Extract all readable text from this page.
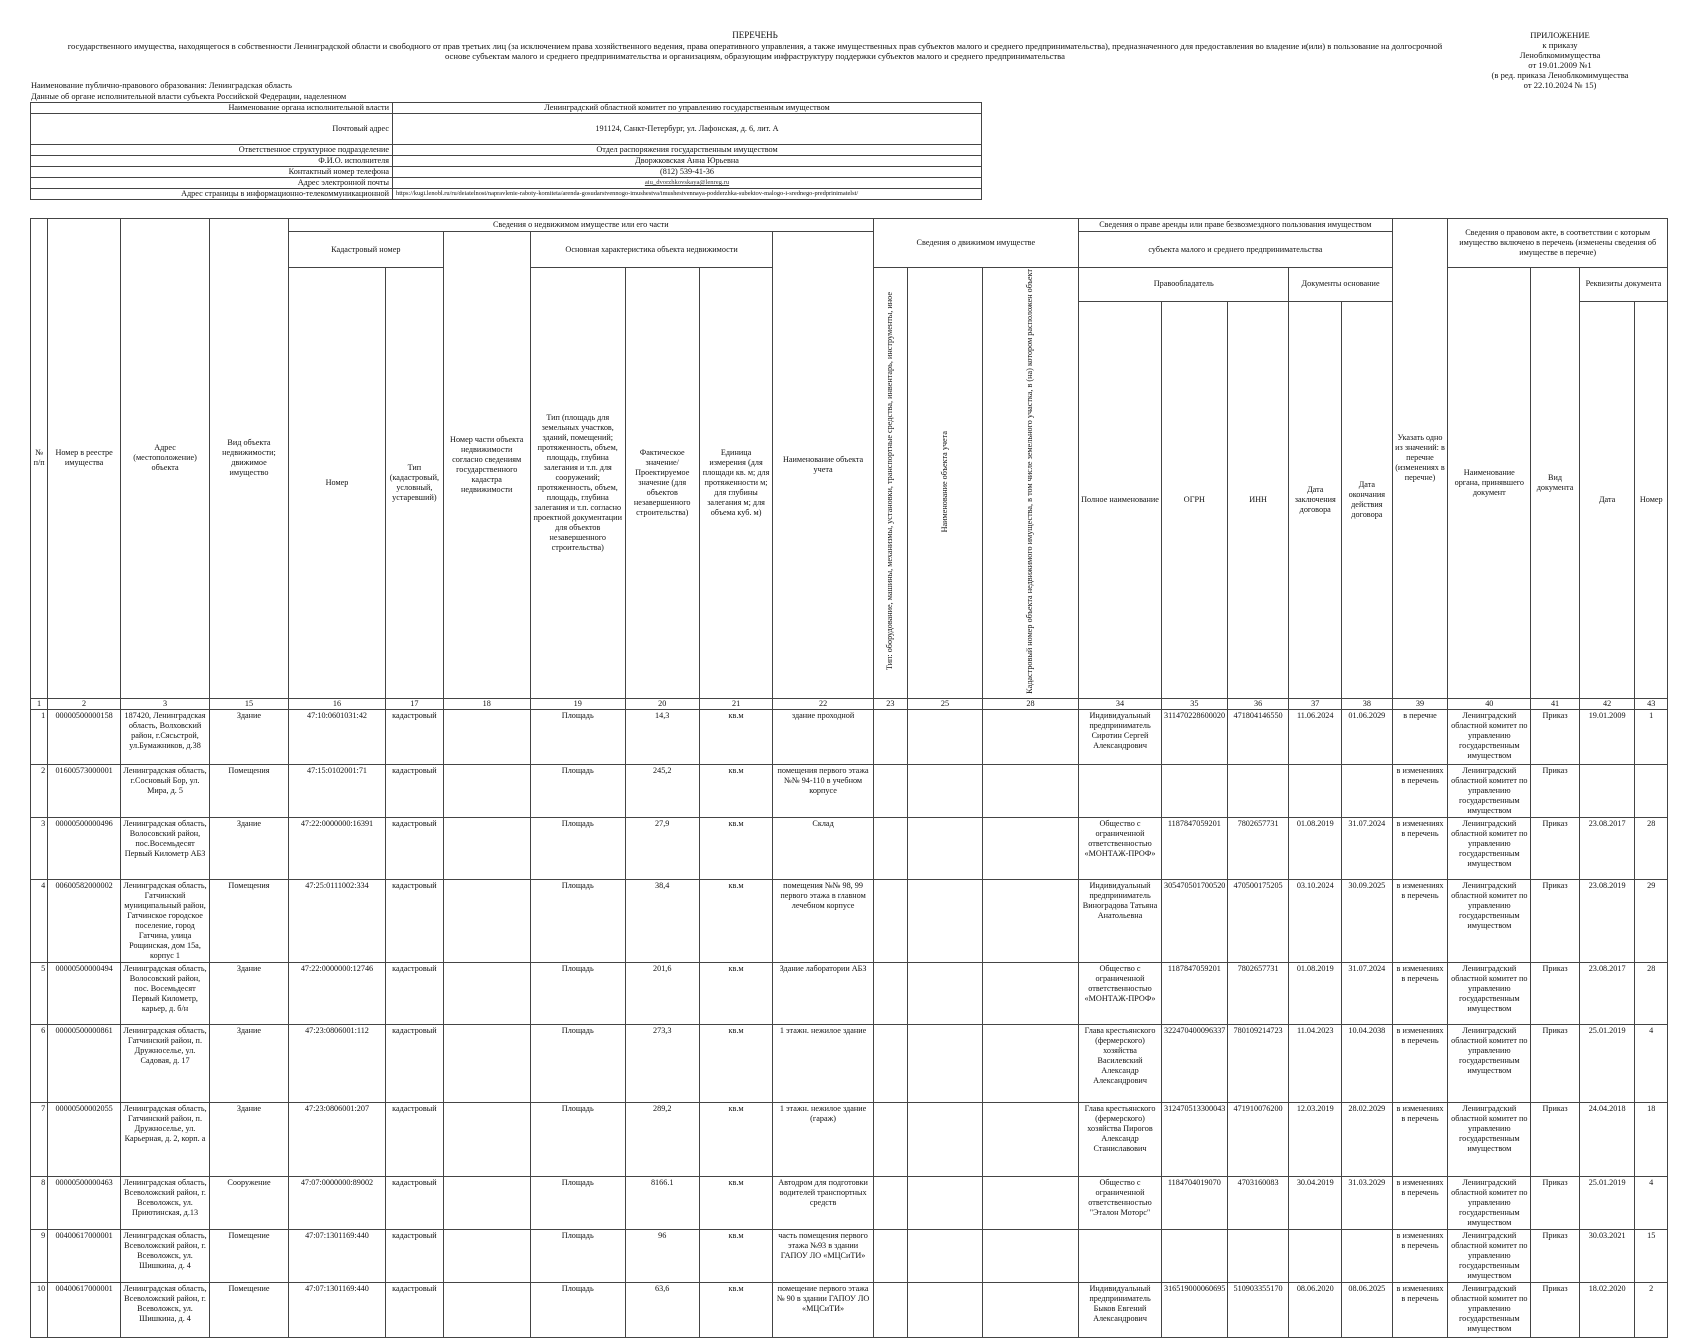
ПЕРЕЧЕНЬ
государственного имущества, находящегося в собственности Ленинградской области и свободного от прав третьих лиц (за исключением права хозяйственного ведения, права оперативного управления, а также имущественных прав субъектов малого и среднего предпринимательства), предназначенного для предоставления во владение и(или) в пользование на долгосрочной
основе субъектам малого и среднего предпринимательства и организациям, образующим инфраструктуру поддержки субъектов малого и среднего предпринимательства
ПРИЛОЖЕНИЕ
к приказу
Леноблкомимущества
от 19.01.2009 №1
(в ред. приказа Леноблкомимущества
от 22.10.2024 № 15)
Наименование публично-правового образования: Ленинградская область
Данные об органе исполнительной власти субъекта Российской Федерации, наделенном
Наименование органа исполнительной власти	Ленинградский областной комитет по управлению государственным имуществом
Почтовый адрес	191124, Санкт-Петербург, ул. Лафонская, д. 6, лит. А
Ответственное структурное подразделение	Отдел распоряжения государственным имуществом
Ф.И.О. исполнителя	Дворжковская Анна Юрьевна
Контактный номер телефона	(812) 539-41-36
Адрес электронной почты	aiu_dvorzhkovskaya@lenreg.ru
Адрес страницы в информационно-телекоммуникационной	https://kugi.lenobl.ru/ru/deiatelnost/napravlenie-raboty-komiteta/arenda-gosudarstvennogo-imushestva/imushestvennaya-podderzhka-subektov-malogo-i-srednego-predprinimatelst/
№ п/п	Номер в реестре имущества	Адрес (местоположение) объекта	Вид объекта недвижимости; движимое имущество	Сведения о недвижимом имуществе или его части							Сведения о движимом имуществе			Сведения о праве аренды или праве безвозмездного пользования имуществом					Указать одно из значений: в перечне (изменениях в перечне)	Сведения о правовом акте, в соответствии с которым имущество включено в перечень (изменены сведения об имуществе в перечне)			
				Кадастровый номер		Номер части объекта недвижимости согласно сведениям государственного кадастра недвижимости	Основная характеристика объекта недвижимости			Наименование объекта учета				субъекта малого и среднего предпринимательства									
				Номер	Тип (кадастровый, условный, устаревший)		Тип (площадь для земельных участков, зданий, помещений; протяженность, объем, площадь, глубина залегания и т.п. для сооружений; протяженность, объем, площадь, глубина залегания и т.п. согласно проектной документации для объектов незавершенного строительства)	Фактическое значение/ Проектируемое значение (для объектов незавершенного строительства)	Единица измерения (для площади кв. м; для протяженности м; для глубины залегания м; для объема куб. м)		Тип: оборудование, машины, механизмы, установки, транспортные средства, инвентарь, инструменты, иное	Наименование объекта учета	Кадастровый номер объекта недвижимого имущества, в том числе земельного участка, в (на) котором расположен объект	Правообладатель			Документы основание			Наименование органа, принявшего документ	Вид документа	Реквизиты документа	
														Полное наименование	ОГРН	ИНН	Дата заключения договора	Дата окончания действия договора				Дата	Номер
1	2	3	15	16	17	18	19	20	21	22	23	25	28	34	35	36	37	38	39	40	41	42	43
1	00000500000158	187420, Ленинградская область, Волховский район, г.Сясьстрой, ул.Бумажников, д.38	Здание	47:10:0601031:42	кадастровый		Площадь	14,3	кв.м	здание проходной				Индивидуальный предприниматель Сиротин Сергей Александрович	311470228600020	471804146550	11.06.2024	01.06.2029	в перечне	Ленинградский областной комитет по управлению государственным имуществом	Приказ	19.01.2009	1
2	01600573000001	Ленинградская область, г.Сосновый Бор, ул. Мира, д. 5	Помещения	47:15:0102001:71	кадастровый		Площадь	245,2	кв.м	помещения первого этажа №№ 94-110 в учебном корпусе									в изменениях в перечень	Ленинградский областной комитет по управлению государственным имуществом	Приказ		
3	00000500000496	Ленинградская область, Волосовский район, пос.Восемьдесят Первый Километр АБЗ	Здание	47:22:0000000:16391	кадастровый		Площадь	27,9	кв.м	Склад				Общество с ограниченной ответственностью «МОНТАЖ-ПРОФ»	1187847059201	7802657731	01.08.2019	31.07.2024	в изменениях в перечень	Ленинградский областной комитет по управлению государственным имуществом	Приказ	23.08.2017	28
4	00600582000002	Ленинградская область, Гатчинский муниципальный район, Гатчинское городское поселение, город Гатчина, улица Рощинская, дом 15а, корпус 1	Помещения	47:25:0111002:334	кадастровый		Площадь	38,4	кв.м	помещения №№ 98, 99 первого этажа в главном лечебном корпусе				Индивидуальный предприниматель Виноградова Татьяна Анатольевна	305470501700520	470500175205	03.10.2024	30.09.2025	в изменениях в перечень	Ленинградский областной комитет по управлению государственным имуществом	Приказ	23.08.2019	29
5	00000500000494	Ленинградская область, Волосовский район, пос. Восемьдесят Первый Километр, карьер, д. б/н	Здание	47:22:0000000:12746	кадастровый		Площадь	201,6	кв.м	Здание лаборатории АБЗ				Общество с ограниченной ответственностью «МОНТАЖ-ПРОФ»	1187847059201	7802657731	01.08.2019	31.07.2024	в изменениях в перечень	Ленинградский областной комитет по управлению государственным имуществом	Приказ	23.08.2017	28
6	00000500000861	Ленинградская область, Гатчинский район, п. Дружноселье, ул. Садовая, д. 17	Здание	47:23:0806001:112	кадастровый		Площадь	273,3	кв.м	1 этажн. нежилое здание				Глава крестьянского (фермерского) хозяйства Василевский Александр Александрович	322470400096337	780109214723	11.04.2023	10.04.2038	в изменениях в перечень	Ленинградский областной комитет по управлению государственным имуществом	Приказ	25.01.2019	4
7	00000500002055	Ленинградская область, Гатчинский район, п. Дружноселье, ул. Карьерная, д. 2, корп. а	Здание	47:23:0806001:207	кадастровый		Площадь	289,2	кв.м	1 этажн. нежилое здание (гараж)				Глава крестьянского (фермерского) хозяйства Пирогов Александр Станиславович	312470513300043	471910076200	12.03.2019	28.02.2029	в изменениях в перечень	Ленинградский областной комитет по управлению государственным имуществом	Приказ	24.04.2018	18
8	00000500000463	Ленинградская область, Всеволожский район, г. Всеволожск, ул. Приютинская, д.13	Сооружение	47:07:0000000:89002	кадастровый		Площадь	8166.1	кв.м	Автодром для подготовки водителей транспортных средств				Общество с ограниченной ответственностью "Эталон Моторс"	1184704019070	4703160083	30.04.2019	31.03.2029	в изменениях в перечень	Ленинградский областной комитет по управлению государственным имуществом	Приказ	25.01.2019	4
9	00400617000001	Ленинградская область, Всеволожский район, г. Всеволожск, ул. Шишкина, д. 4	Помещение	47:07:1301169:440	кадастровый		Площадь	96	кв.м	часть помещения первого этажа №93 в здании ГАПОУ ЛО «МЦСиТИ»									в изменениях в перечень	Ленинградский областной комитет по управлению государственным имуществом	Приказ	30.03.2021	15
10	00400617000001	Ленинградская область, Всеволожский район, г. Всеволожск, ул. Шишкина, д. 4	Помещение	47:07:1301169:440	кадастровый		Площадь	63,6	кв.м	помещение первого этажа № 90 в здании ГАПОУ ЛО «МЦСиТИ»				Индивидуальный предприниматель Быков Евгений Александрович	316519000060695	510903355170	08.06.2020	08.06.2025	в изменениях в перечень	Ленинградский областной комитет по управлению государственным имуществом	Приказ	18.02.2020	2
